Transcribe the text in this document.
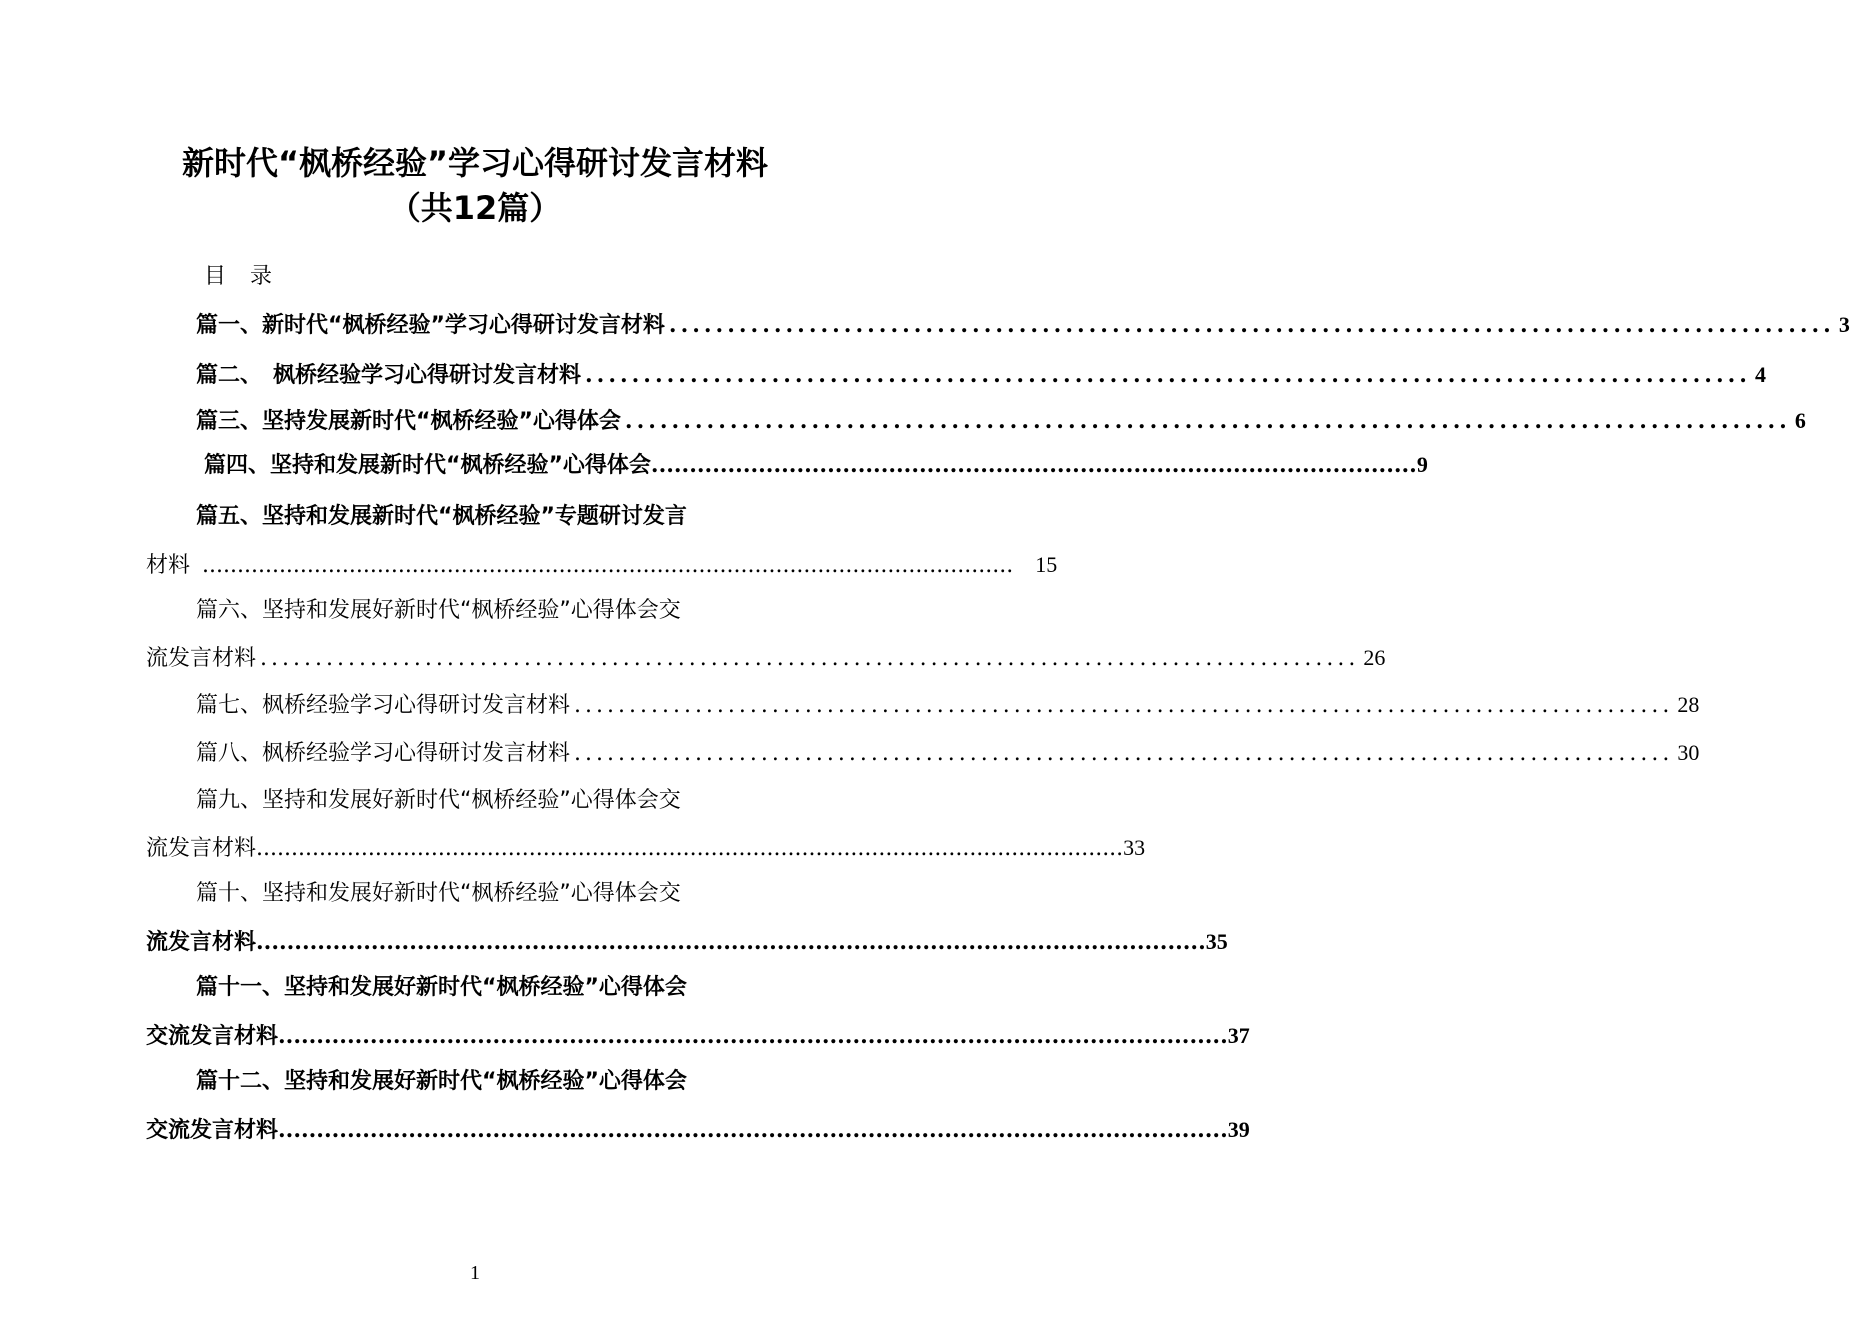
新时代“枫桥经验”学习心得研讨发言材料
（共12篇）
目录
篇一、新时代“枫桥经验”学习心得研讨发言材料 .................................................................................................... 3
篇二、　枫桥经验学习心得研讨发言材料 .................................................................................................... 4
篇三、坚持发展新时代“枫桥经验”心得体会 .................................................................................................... 6
篇四、坚持和发展新时代“枫桥经验”心得体会 .................................................................................................... 9
篇五、坚持和发展新时代“枫桥经验”专题研讨发言
材料 .................................................................................................................... 15
篇六、坚持和发展好新时代“枫桥经验”心得体会交
流发言材料 .................................................................................................... 26
篇七、枫桥经验学习心得研讨发言材料 .................................................................................................... 28
篇八、枫桥经验学习心得研讨发言材料 .................................................................................................... 30
篇九、坚持和发展好新时代“枫桥经验”心得体会交
流发言材料 ............................................................................................................................ 33
篇十、坚持和发展好新时代“枫桥经验”心得体会交
流发言材料 ............................................................................................................................ 35
篇十一、坚持和发展好新时代“枫桥经验”心得体会
交流发言材料 ............................................................................................................................ 37
篇十二、坚持和发展好新时代“枫桥经验”心得体会
交流发言材料 ............................................................................................................................ 39
1
